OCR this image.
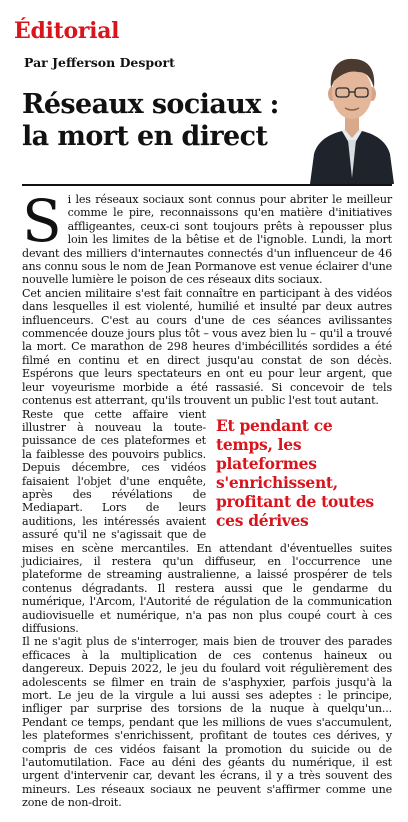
Éditorial
Par Jefferson Desport
Réseaux sociaux :
la mort en direct

Si les réseaux sociaux sont connus pour abriter le meilleur comme le pire, reconnaissons qu'en matière d'initiatives affligeantes, ceux-ci sont toujours prêts à repousser plus loin les limites de la bêtise et de l'ignoble. Lundi, la mort devant des milliers d'internautes connectés d'un influenceur de 46 ans connu sous le nom de Jean Pormanove est venue éclairer d'une nouvelle lumière le poison de ces réseaux dits sociaux.

Cet ancien militaire s'est fait connaître en participant à des vidéos dans lesquelles il est violenté, humilié et insulté par deux autres influenceurs. C'est au cours d'une de ces séances avilissantes commencée douze jours plus tôt – vous avez bien lu – qu'il a trouvé la mort. Ce marathon de 298 heures d'imbécillités sordides a été filmé en continu et en direct jusqu'au constat de son décès. Espérons que leurs spectateurs en ont eu pour leur argent, que leur voyeurisme morbide a été rassasié. Si concevoir de tels contenus est atterrant, qu'ils trouvent un public l'est tout autant.

Et pendant ce temps, les plateformes s'enrichissent, profitant de toutes ces dérives

Reste que cette affaire vient illustrer à nouveau la toute-puissance de ces plateformes et la faiblesse des pouvoirs publics. Depuis décembre, ces vidéos faisaient l'objet d'une enquête, après des révélations de Mediapart. Lors de leurs auditions, les intéressés avaient assuré qu'il ne s'agissait que de mises en scène mercantiles. En attendant d'éventuelles suites judiciaires, il restera qu'un diffuseur, en l'occurrence une plateforme de streaming australienne, a laissé prospérer de tels contenus dégradants. Il restera aussi que le gendarme du numérique, l'Arcom, l'Autorité de régulation de la communication audiovisuelle et numérique, n'a pas non plus coupé court à ces diffusions.

Il ne s'agit plus de s'interroger, mais bien de trouver des parades efficaces à la multiplication de ces contenus haineux ou dangereux. Depuis 2022, le jeu du foulard voit régulièrement des adolescents se filmer en train de s'asphyxier, parfois jusqu'à la mort. Le jeu de la virgule a lui aussi ses adeptes : le principe, infliger par surprise des torsions de la nuque à quelqu'un... Pendant ce temps, pendant que les millions de vues s'accumulent, les plateformes s'enrichissent, profitant de toutes ces dérives, y compris de ces vidéos faisant la promotion du suicide ou de l'automutilation. Face au déni des géants du numérique, il est urgent d'intervenir car, devant les écrans, il y a très souvent des mineurs. Les réseaux sociaux ne peuvent s'affirmer comme une zone de non-droit.
